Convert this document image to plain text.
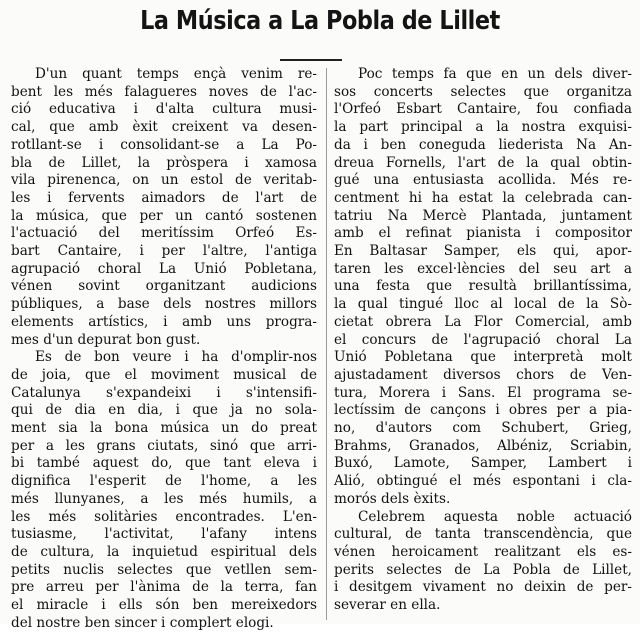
La Música a La Pobla de Lillet
D'un quant temps ençà venim re-
bent les més falagueres noves de l'ac-
ció educativa i d'alta cultura musi-
cal, que amb èxit creixent va desen-
rotllant-se i consolidant-se a La Po-
bla de Lillet, la pròspera i xamosa
vila pirenenca, on un estol de veritab-
les i fervents aimadors de l'art de
la música, que per un cantó sostenen
l'actuació del meritíssim Orfeó Es-
bart Cantaire, i per l'altre, l'antiga
agrupació choral La Unió Pobletana,
vénen sovint organitzant audicions
públiques, a base dels nostres millors
elements artístics, i amb uns progra-
mes d'un depurat bon gust.
Es de bon veure i ha d'omplir-nos
de joia, que el moviment musical de
Catalunya s'expandeixi i s'intensifi-
qui de dia en dia, i que ja no sola-
ment sia la bona música un do preat
per a les grans ciutats, sinó que arri-
bi també aquest do, que tant eleva i
dignifica l'esperit de l'home, a les
més llunyanes, a les més humils, a
les més solitàries encontrades. L'en-
tusiasme, l'activitat, l'afany intens
de cultura, la inquietud espiritual dels
petits nuclis selectes que vetllen sem-
pre arreu per l'ànima de la terra, fan
el miracle i ells són ben mereixedors
del nostre ben sincer i complert elogi.
Poc temps fa que en un dels diver-
sos concerts selectes que organitza
l'Orfeó Esbart Cantaire, fou confiada
la part principal a la nostra exquisi-
da i ben coneguda liederista Na An-
dreua Fornells, l'art de la qual obtin-
gué una entusiasta acollida. Més re-
centment hi ha estat la celebrada can-
tatriu Na Mercè Plantada, juntament
amb el refinat pianista i compositor
En Baltasar Samper, els qui, apor-
taren les excel·lències del seu art a
una festa que resultà brillantíssima,
la qual tingué lloc al local de la Sò-
cietat obrera La Flor Comercial, amb
el concurs de l'agrupació choral La
Unió Pobletana que interpretà molt
ajustadament diversos chors de Ven-
tura, Morera i Sans. El programa se-
lectíssim de cançons i obres per a pia-
no, d'autors com Schubert, Grieg,
Brahms, Granados, Albéniz, Scriabin,
Buxó, Lamote, Samper, Lambert i
Alió, obtingué el més espontani i cla-
morós dels èxits.
Celebrem aquesta noble actuació
cultural, de tanta transcendència, que
vénen heroicament realitzant els es-
perits selectes de La Pobla de Lillet,
i desitgem vivament no deixin de per-
severar en ella.
